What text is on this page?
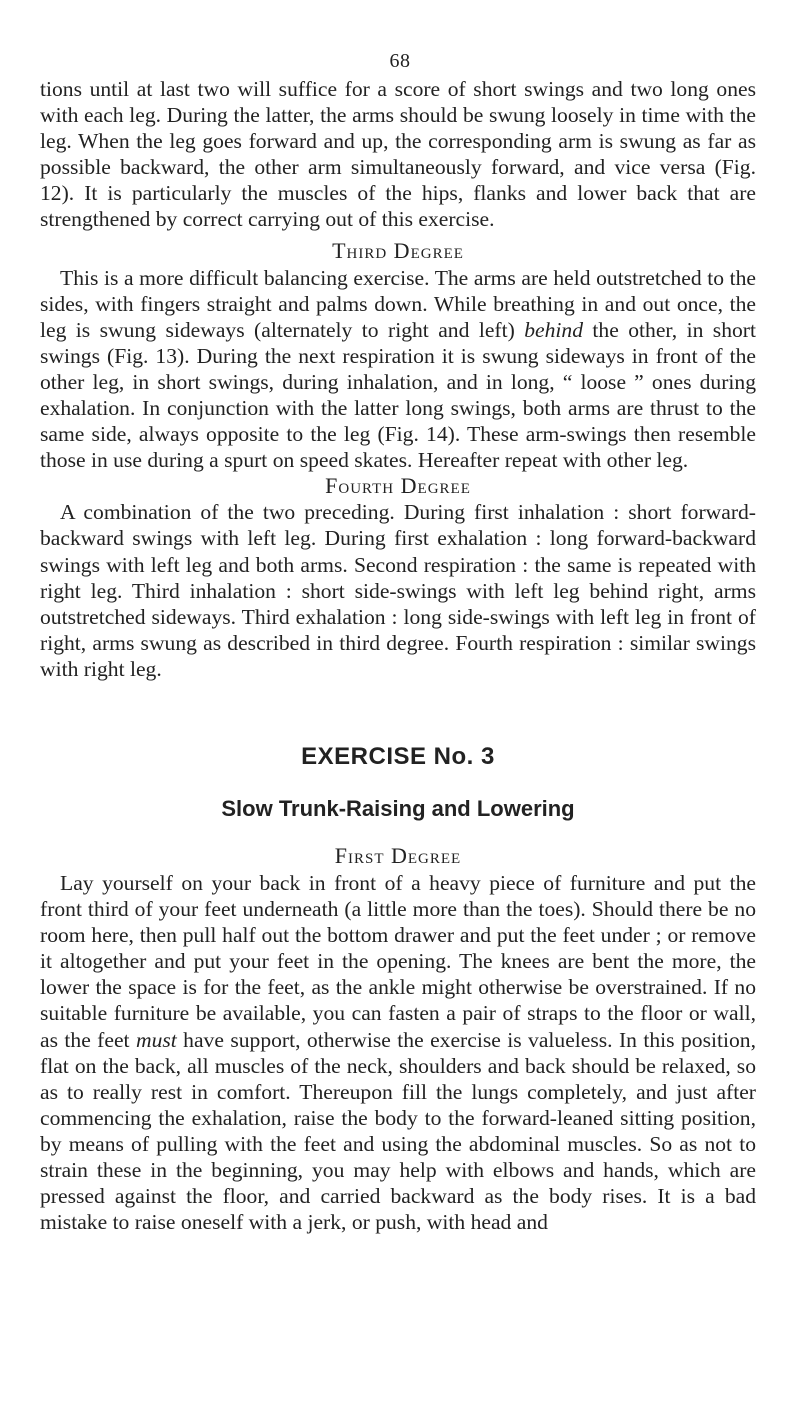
68

tions until at last two will suffice for a score of short swings and two long ones with each leg. During the latter, the arms should be swung loosely in time with the leg. When the leg goes forward and up, the corresponding arm is swung as far as possible backward, the other arm simultaneously forward, and vice versa (Fig. 12). It is particularly the muscles of the hips, flanks and lower back that are strengthened by correct carrying out of this exercise.

Third Degree

This is a more difficult balancing exercise. The arms are held outstretched to the sides, with fingers straight and palms down. While breathing in and out once, the leg is swung sideways (alternately to right and left) behind the other, in short swings (Fig. 13). During the next respiration it is swung sideways in front of the other leg, in short swings, during inhalation, and in long, “ loose ” ones during exhalation. In conjunction with the latter long swings, both arms are thrust to the same side, always opposite to the leg (Fig. 14). These arm-swings then resemble those in use during a spurt on speed skates. Hereafter repeat with other leg.

Fourth Degree

A combination of the two preceding. During first inhalation : short forward-backward swings with left leg. During first exhalation : long forward-backward swings with left leg and both arms. Second respiration : the same is repeated with right leg. Third inhalation : short side-swings with left leg behind right, arms outstretched sideways. Third exhalation : long side-swings with left leg in front of right, arms swung as described in third degree. Fourth respiration : similar swings with right leg.

EXERCISE No. 3
Slow Trunk-Raising and Lowering
First Degree

Lay yourself on your back in front of a heavy piece of furniture and put the front third of your feet underneath (a little more than the toes). Should there be no room here, then pull half out the bottom drawer and put the feet under ; or remove it altogether and put your feet in the opening. The knees are bent the more, the lower the space is for the feet, as the ankle might otherwise be overstrained. If no suitable furniture be available, you can fasten a pair of straps to the floor or wall, as the feet must have support, otherwise the exercise is valueless. In this position, flat on the back, all muscles of the neck, shoulders and back should be relaxed, so as to really rest in comfort. Thereupon fill the lungs completely, and just after commencing the exhalation, raise the body to the forward-leaned sitting position, by means of pulling with the feet and using the abdominal muscles. So as not to strain these in the beginning, you may help with elbows and hands, which are pressed against the floor, and carried backward as the body rises. It is a bad mistake to raise oneself with a jerk, or push, with head and
